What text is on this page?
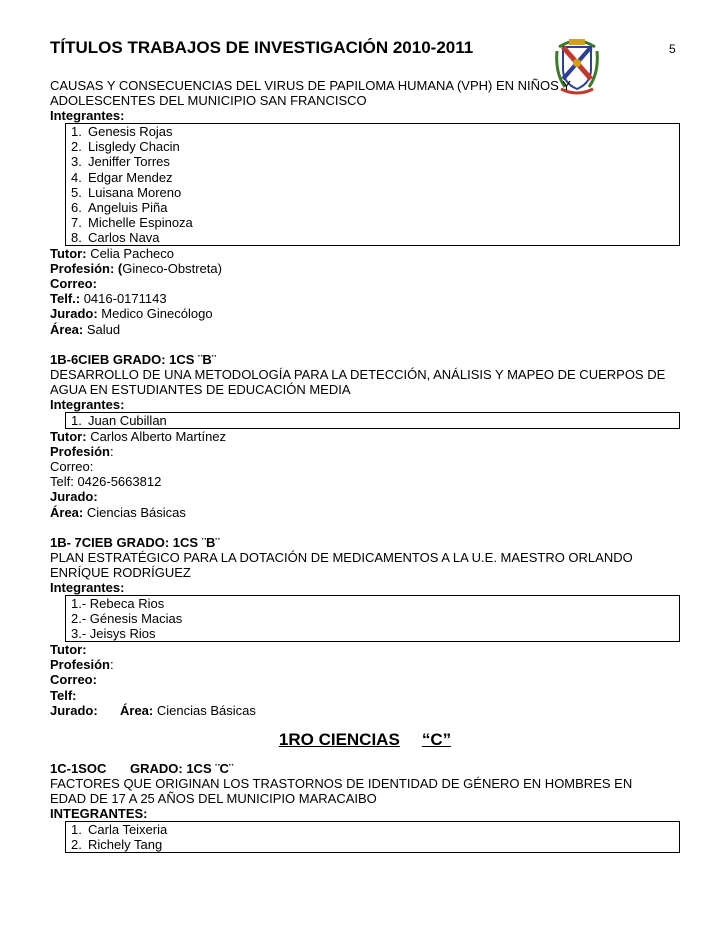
TÍTULOS TRABAJOS DE INVESTIGACIÓN 2010-2011	5
CAUSAS Y CONSECUENCIAS DEL VIRUS DE PAPILOMA HUMANA (VPH) EN NIÑOS Y
ADOLESCENTES DEL MUNICIPIO SAN FRANCISCO
Integrantes:
1. Genesis Rojas
2. Lisgledy Chacin
3. Jeniffer Torres
4. Edgar Mendez
5. Luisana Moreno
6. Angeluis Piña
7. Michelle Espinoza
8. Carlos Nava
Tutor: Celia Pacheco
Profesión: (Gineco-Obstreta)
Correo:
Telf.: 0416-0171143
Jurado: Medico Ginecólogo
Área: Salud
1B-6CIEB GRADO: 1CS ¨B¨
DESARROLLO DE UNA METODOLOGÍA PARA LA DETECCIÓN, ANÁLISIS Y MAPEO DE CUERPOS DE
AGUA EN ESTUDIANTES DE EDUCACIÓN MEDIA
Integrantes:
1. Juan Cubillan
Tutor: Carlos Alberto Martínez
Profesión:
Correo:
Telf: 0426-5663812
Jurado:
Área: Ciencias Básicas
1B- 7CIEB GRADO: 1CS ¨B¨
PLAN ESTRATÉGICO PARA LA DOTACIÓN DE MEDICAMENTOS A LA U.E. MAESTRO ORLANDO
ENRÍQUE RODRÍGUEZ
Integrantes:
1.- Rebeca Rios
2.- Génesis Macias
3.- Jeisys Rios
Tutor:
Profesión:
Correo:
Telf:
Jurado: Área: Ciencias Básicas
1RO CIENCIAS “C”
1C-1SOC GRADO: 1CS ¨C¨
FACTORES QUE ORIGINAN LOS TRASTORNOS DE IDENTIDAD DE GÉNERO EN HOMBRES EN
EDAD DE 17 A 25 AÑOS DEL MUNICIPIO MARACAIBO
INTEGRANTES:
1. Carla Teixeria
2. Richely Tang
